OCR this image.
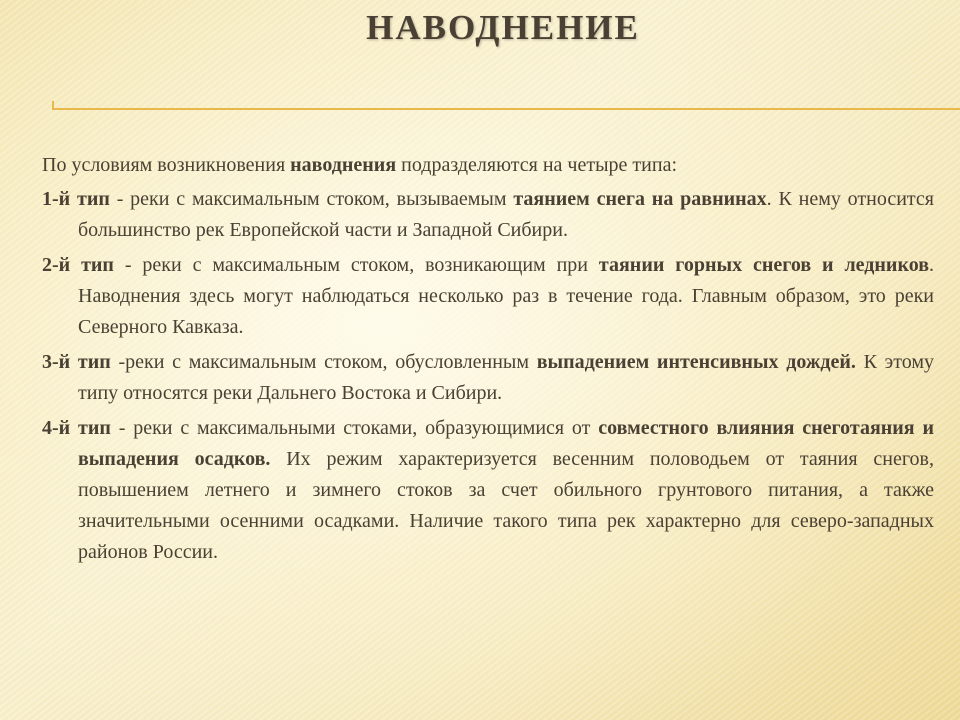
НАВОДНЕНИЕ

По условиям возникновения наводнения подразделяются на четыре типа:

1-й тип - реки с максимальным стоком, вызываемым таянием снега на равнинах. К нему относится большинство рек Европейской части и Западной Сибири.

2-й тип - реки с максимальным стоком, возникающим при таянии горных снегов и ледников. Наводнения здесь могут наблюдаться несколько раз в течение года. Главным образом, это реки Северного Кавказа.

3-й тип -реки с максимальным стоком, обусловленным выпадением интенсивных дождей. К этому типу относятся реки Дальнего Востока и Сибири.

4-й тип - реки с максимальными стоками, образующимися от совместного влияния снеготаяния и выпадения осадков. Их режим характеризуется весенним половодьем от таяния снегов, повышением летнего и зимнего стоков за счет обильного грунтового питания, а также значительными осенними осадками. Наличие такого типа рек характерно для северо-западных районов России.
